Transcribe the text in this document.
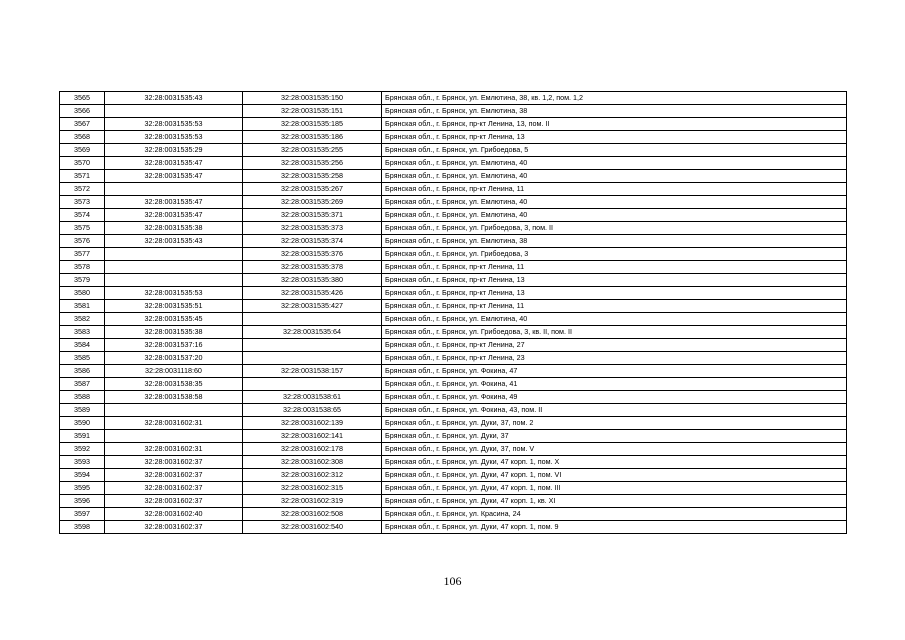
3565	32:28:0031535:43	32:28:0031535:150	Брянская обл., г. Брянск, ул. Емлютина, 38, кв. 1,2, пом. 1,2
3566		32:28:0031535:151	Брянская обл., г. Брянск, ул. Емлютина, 38
3567	32:28:0031535:53	32:28:0031535:185	Брянская обл., г. Брянск, пр-кт Ленина, 13, пом. II
3568	32:28:0031535:53	32:28:0031535:186	Брянская обл., г. Брянск, пр-кт Ленина, 13
3569	32:28:0031535:29	32:28:0031535:255	Брянская обл., г. Брянск, ул. Грибоедова, 5
3570	32:28:0031535:47	32:28:0031535:256	Брянская обл., г. Брянск, ул. Емлютина, 40
3571	32:28:0031535:47	32:28:0031535:258	Брянская обл., г. Брянск, ул. Емлютина, 40
3572		32:28:0031535:267	Брянская обл., г. Брянск, пр-кт Ленина, 11
3573	32:28:0031535:47	32:28:0031535:269	Брянская обл., г. Брянск, ул. Емлютина, 40
3574	32:28:0031535:47	32:28:0031535:371	Брянская обл., г. Брянск, ул. Емлютина, 40
3575	32:28:0031535:38	32:28:0031535:373	Брянская обл., г. Брянск, ул. Грибоедова, 3, пом. II
3576	32:28:0031535:43	32:28:0031535:374	Брянская обл., г. Брянск, ул. Емлютина, 38
3577		32:28:0031535:376	Брянская обл., г. Брянск, ул. Грибоедова, 3
3578		32:28:0031535:378	Брянская обл., г. Брянск, пр-кт Ленина, 11
3579		32:28:0031535:380	Брянская обл., г. Брянск, пр-кт Ленина, 13
3580	32:28:0031535:53	32:28:0031535:426	Брянская обл., г. Брянск, пр-кт Ленина, 13
3581	32:28:0031535:51	32:28:0031535:427	Брянская обл., г. Брянск, пр-кт Ленина, 11
3582	32:28:0031535:45		Брянская обл., г. Брянск, ул. Емлютина, 40
3583	32:28:0031535:38	32:28:0031535:64	Брянская обл., г. Брянск, ул. Грибоедова, 3, кв. II, пом. II
3584	32:28:0031537:16		Брянская обл., г. Брянск, пр-кт Ленина, 27
3585	32:28:0031537:20		Брянская обл., г. Брянск, пр-кт Ленина, 23
3586	32:28:0031118:60	32:28:0031538:157	Брянская обл., г. Брянск, ул. Фокина, 47
3587	32:28:0031538:35		Брянская обл., г. Брянск, ул. Фокина, 41
3588	32:28:0031538:58	32:28:0031538:61	Брянская обл., г. Брянск, ул. Фокина, 49
3589		32:28:0031538:65	Брянская обл., г. Брянск, ул. Фокина, 43, пом. II
3590	32:28:0031602:31	32:28:0031602:139	Брянская обл., г. Брянск, ул. Дуки, 37, пом. 2
3591		32:28:0031602:141	Брянская обл., г. Брянск, ул. Дуки, 37
3592	32:28:0031602:31	32:28:0031602:178	Брянская обл., г. Брянск, ул. Дуки, 37, пом. V
3593	32:28:0031602:37	32:28:0031602:308	Брянская обл., г. Брянск, ул. Дуки, 47 корп. 1, пом. X
3594	32:28:0031602:37	32:28:0031602:312	Брянская обл., г. Брянск, ул. Дуки, 47 корп. 1, пом. VI
3595	32:28:0031602:37	32:28:0031602:315	Брянская обл., г. Брянск, ул. Дуки, 47 корп. 1, пом. III
3596	32:28:0031602:37	32:28:0031602:319	Брянская обл., г. Брянск, ул. Дуки, 47 корп. 1, кв. XI
3597	32:28:0031602:40	32:28:0031602:508	Брянская обл., г. Брянск, ул. Красина, 24
3598	32:28:0031602:37	32:28:0031602:540	Брянская обл., г. Брянск, ул. Дуки, 47 корп. 1, пом. 9
106
